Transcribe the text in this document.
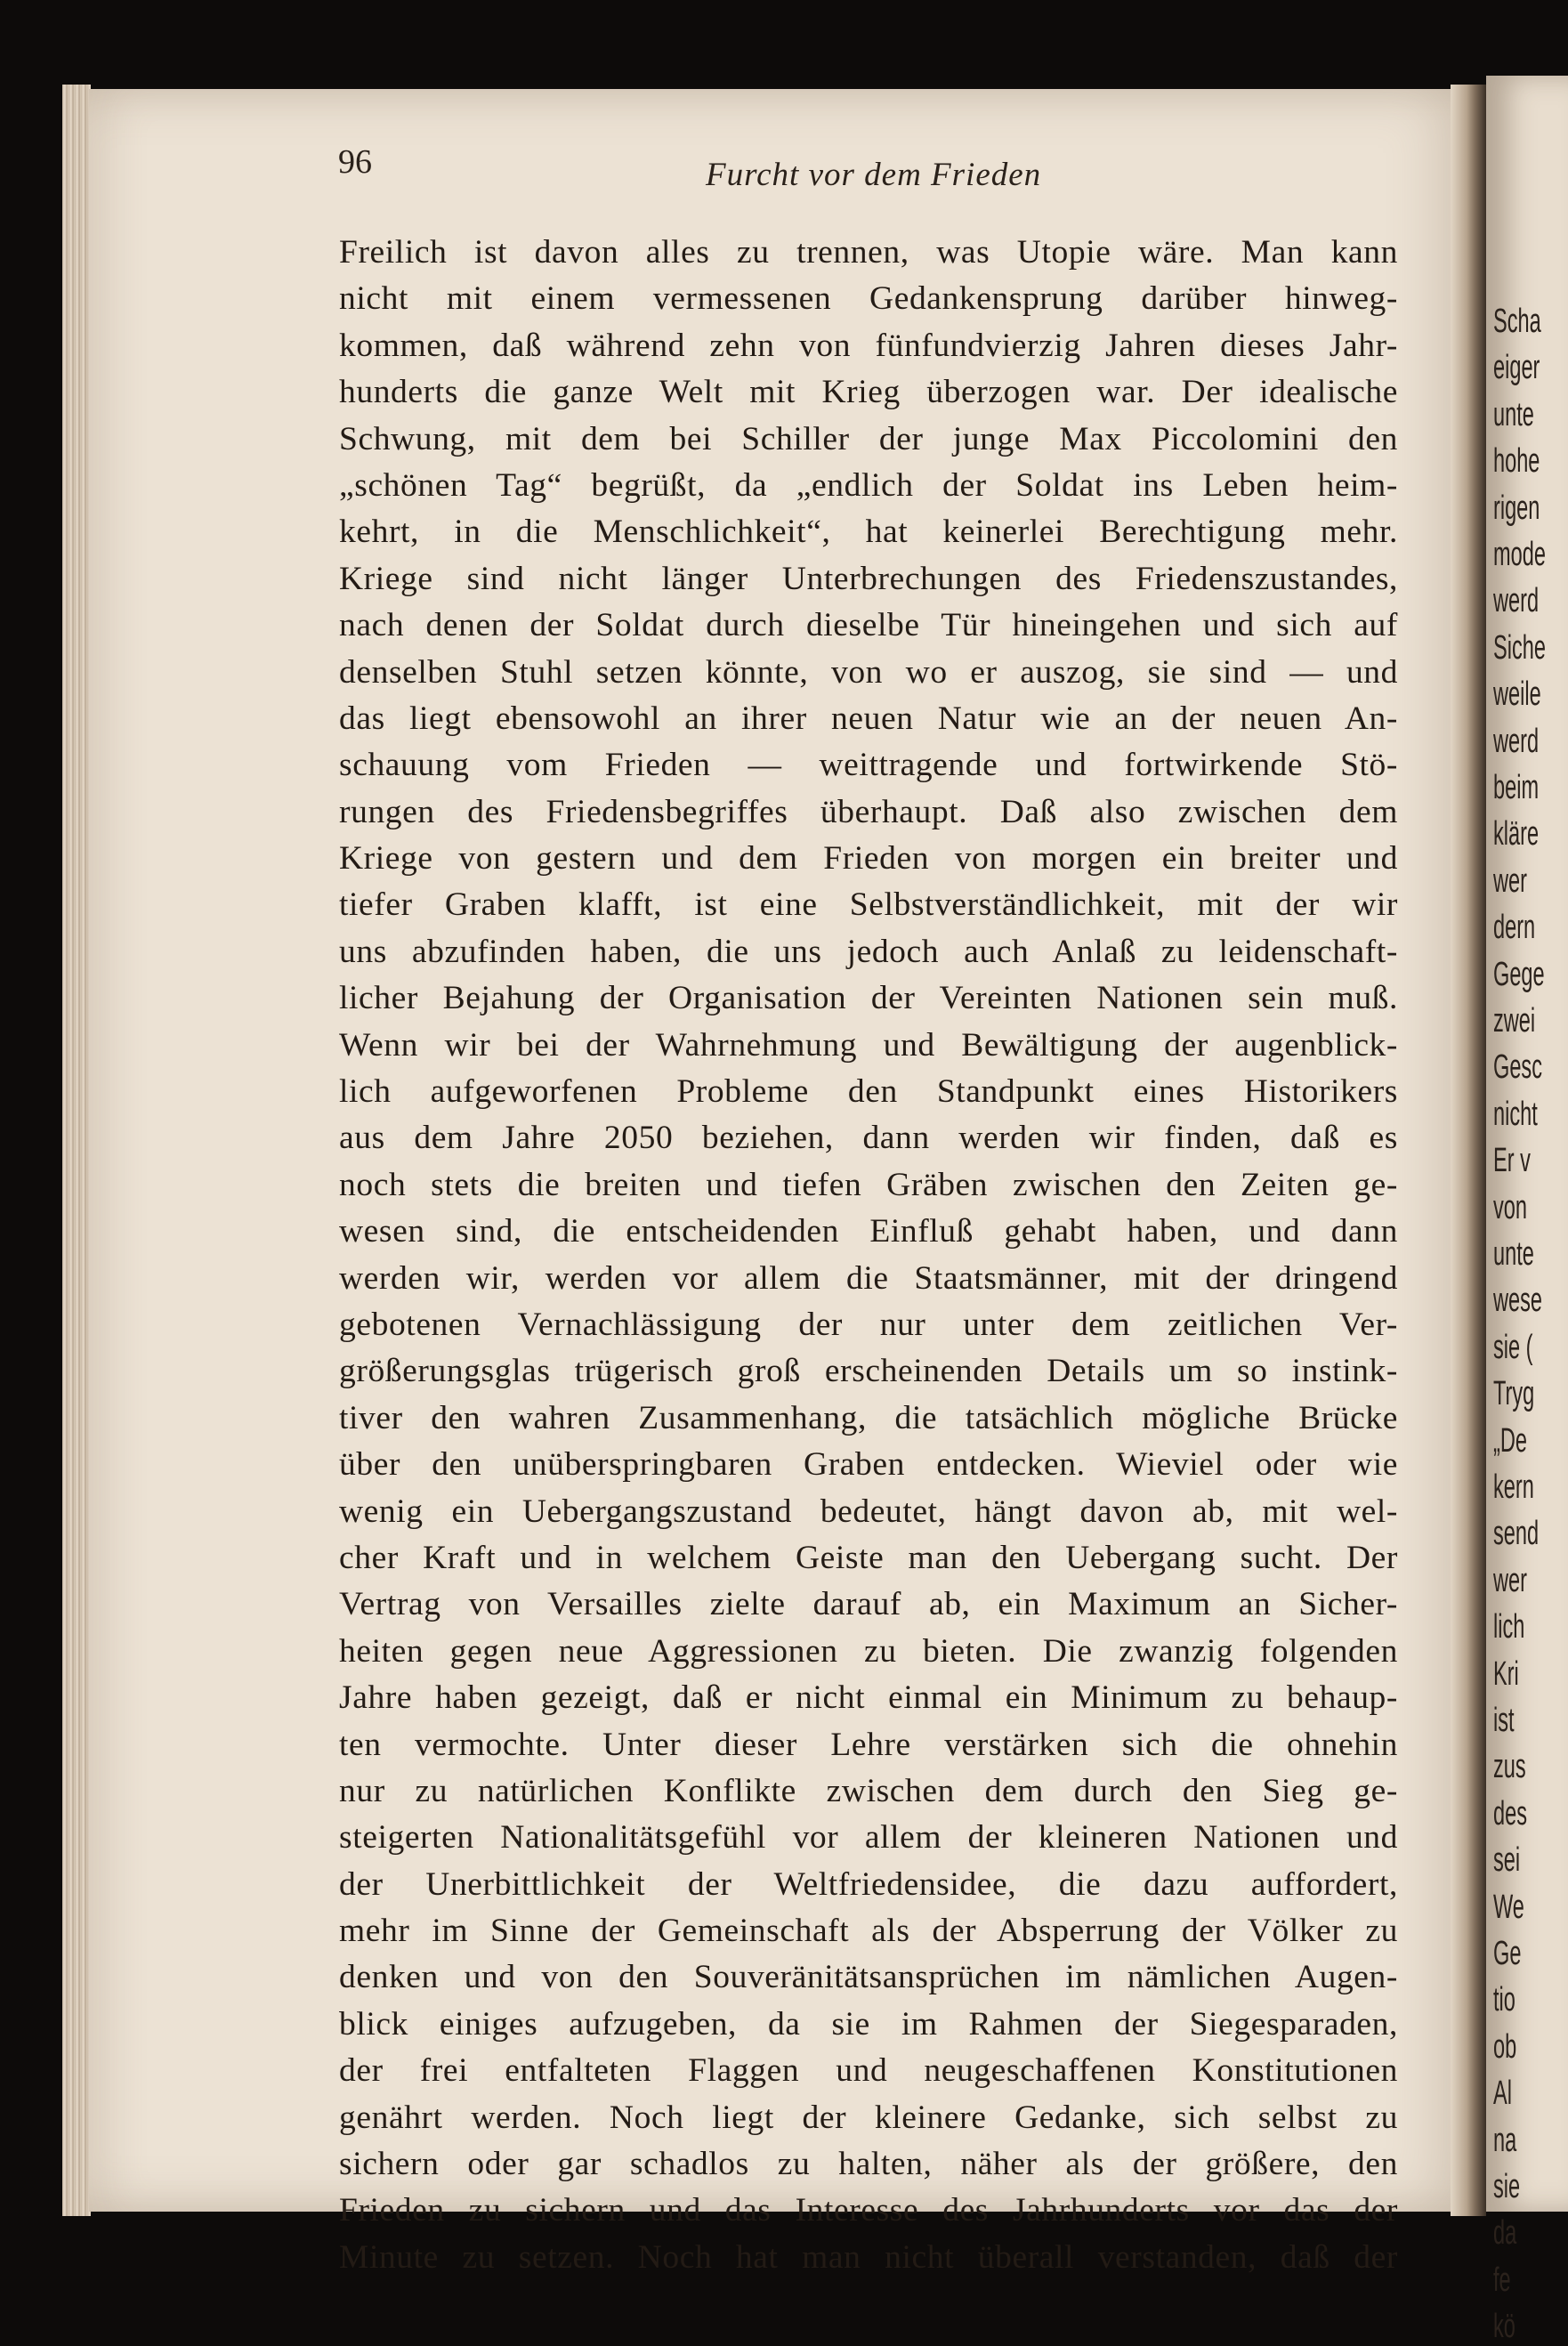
Scha
eiger
unte
hohe
rigen
mode
werd
Siche
weile
werd
beim
kläre
wer
dern
Gege
zwei
Gesc
nicht
Er v
von
unte
wese
sie (
Tryg
„De
kern
send
wer
lich
Kri
ist
zus
des
sei
We
Ge
tio
ob
Al
na
sie
da
fe
kö
96	Furcht vor dem Frieden
Freilich ist davon alles zu trennen, was Utopie wäre. Man kann
nicht mit einem vermessenen Gedankensprung darüber hinweg-
kommen, daß während zehn von fünfundvierzig Jahren dieses Jahr-
hunderts die ganze Welt mit Krieg überzogen war. Der idealische
Schwung, mit dem bei Schiller der junge Max Piccolomini den
„schönen Tag“ begrüßt, da „endlich der Soldat ins Leben heim-
kehrt, in die Menschlichkeit“, hat keinerlei Berechtigung mehr.
Kriege sind nicht länger Unterbrechungen des Friedenszustandes,
nach denen der Soldat durch dieselbe Tür hineingehen und sich auf
denselben Stuhl setzen könnte, von wo er auszog, sie sind — und
das liegt ebensowohl an ihrer neuen Natur wie an der neuen An-
schauung vom Frieden — weittragende und fortwirkende Stö-
rungen des Friedensbegriffes überhaupt. Daß also zwischen dem
Kriege von gestern und dem Frieden von morgen ein breiter und
tiefer Graben klafft, ist eine Selbstverständlichkeit, mit der wir
uns abzufinden haben, die uns jedoch auch Anlaß zu leidenschaft-
licher Bejahung der Organisation der Vereinten Nationen sein muß.
Wenn wir bei der Wahrnehmung und Bewältigung der augenblick-
lich aufgeworfenen Probleme den Standpunkt eines Historikers
aus dem Jahre 2050 beziehen, dann werden wir finden, daß es
noch stets die breiten und tiefen Gräben zwischen den Zeiten ge-
wesen sind, die entscheidenden Einfluß gehabt haben, und dann
werden wir, werden vor allem die Staatsmänner, mit der dringend
gebotenen Vernachlässigung der nur unter dem zeitlichen Ver-
größerungsglas trügerisch groß erscheinenden Details um so instink-
tiver den wahren Zusammenhang, die tatsächlich mögliche Brücke
über den unüberspringbaren Graben entdecken. Wieviel oder wie
wenig ein Uebergangszustand bedeutet, hängt davon ab, mit wel-
cher Kraft und in welchem Geiste man den Uebergang sucht. Der
Vertrag von Versailles zielte darauf ab, ein Maximum an Sicher-
heiten gegen neue Aggressionen zu bieten. Die zwanzig folgenden
Jahre haben gezeigt, daß er nicht einmal ein Minimum zu behaup-
ten vermochte. Unter dieser Lehre verstärken sich die ohnehin
nur zu natürlichen Konflikte zwischen dem durch den Sieg ge-
steigerten Nationalitätsgefühl vor allem der kleineren Nationen und
der Unerbittlichkeit der Weltfriedensidee, die dazu auffordert,
mehr im Sinne der Gemeinschaft als der Absperrung der Völker zu
denken und von den Souveränitätsansprüchen im nämlichen Augen-
blick einiges aufzugeben, da sie im Rahmen der Siegesparaden,
der frei entfalteten Flaggen und neugeschaffenen Konstitutionen
genährt werden. Noch liegt der kleinere Gedanke, sich selbst zu
sichern oder gar schadlos zu halten, näher als der größere, den
Frieden zu sichern und das Interesse des Jahrhunderts vor das der
Minute zu setzen. Noch hat man nicht überall verstanden, daß der
